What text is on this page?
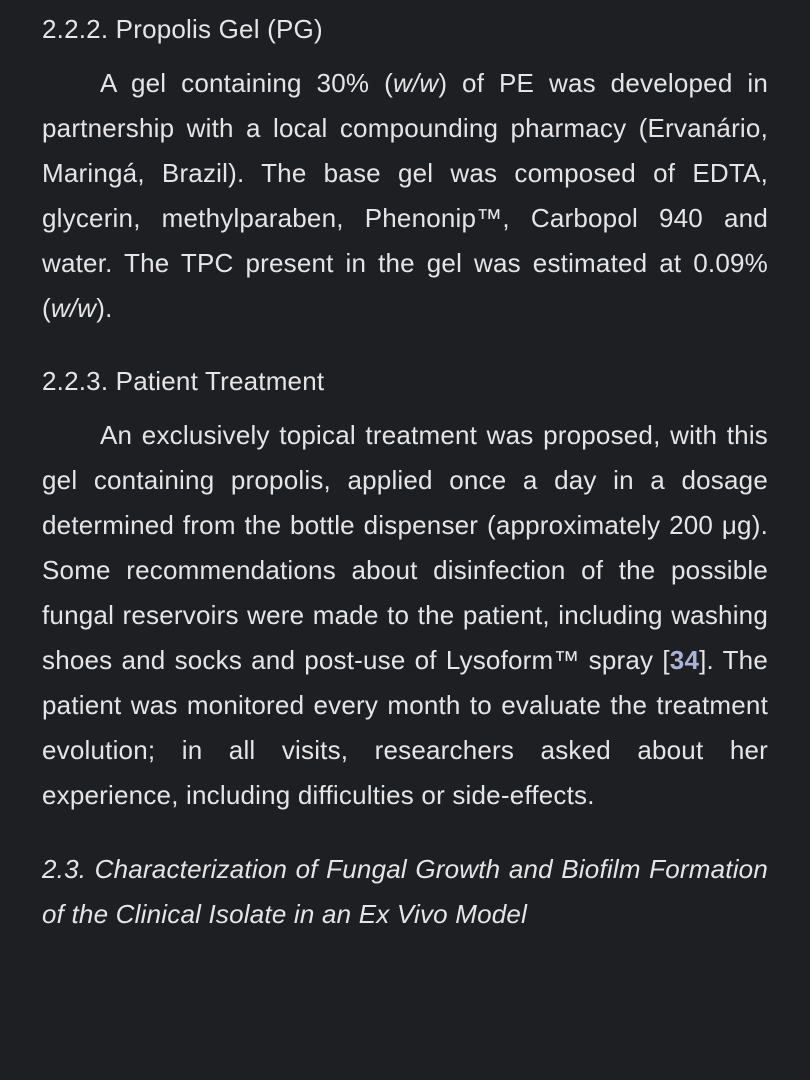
2.2.2. Propolis Gel (PG)
A gel containing 30% (w/w) of PE was developed in partnership with a local compounding pharmacy (Ervanário, Maringá, Brazil). The base gel was composed of EDTA, glycerin, methylparaben, Phenonip™, Carbopol 940 and water. The TPC present in the gel was estimated at 0.09% (w/w).
2.2.3. Patient Treatment
An exclusively topical treatment was proposed, with this gel containing propolis, applied once a day in a dosage determined from the bottle dispenser (approximately 200 μg). Some recommendations about disinfection of the possible fungal reservoirs were made to the patient, including washing shoes and socks and post-use of Lysoform™ spray [34]. The patient was monitored every month to evaluate the treatment evolution; in all visits, researchers asked about her experience, including difficulties or side-effects.
2.3. Characterization of Fungal Growth and Biofilm Formation of the Clinical Isolate in an Ex Vivo Model
